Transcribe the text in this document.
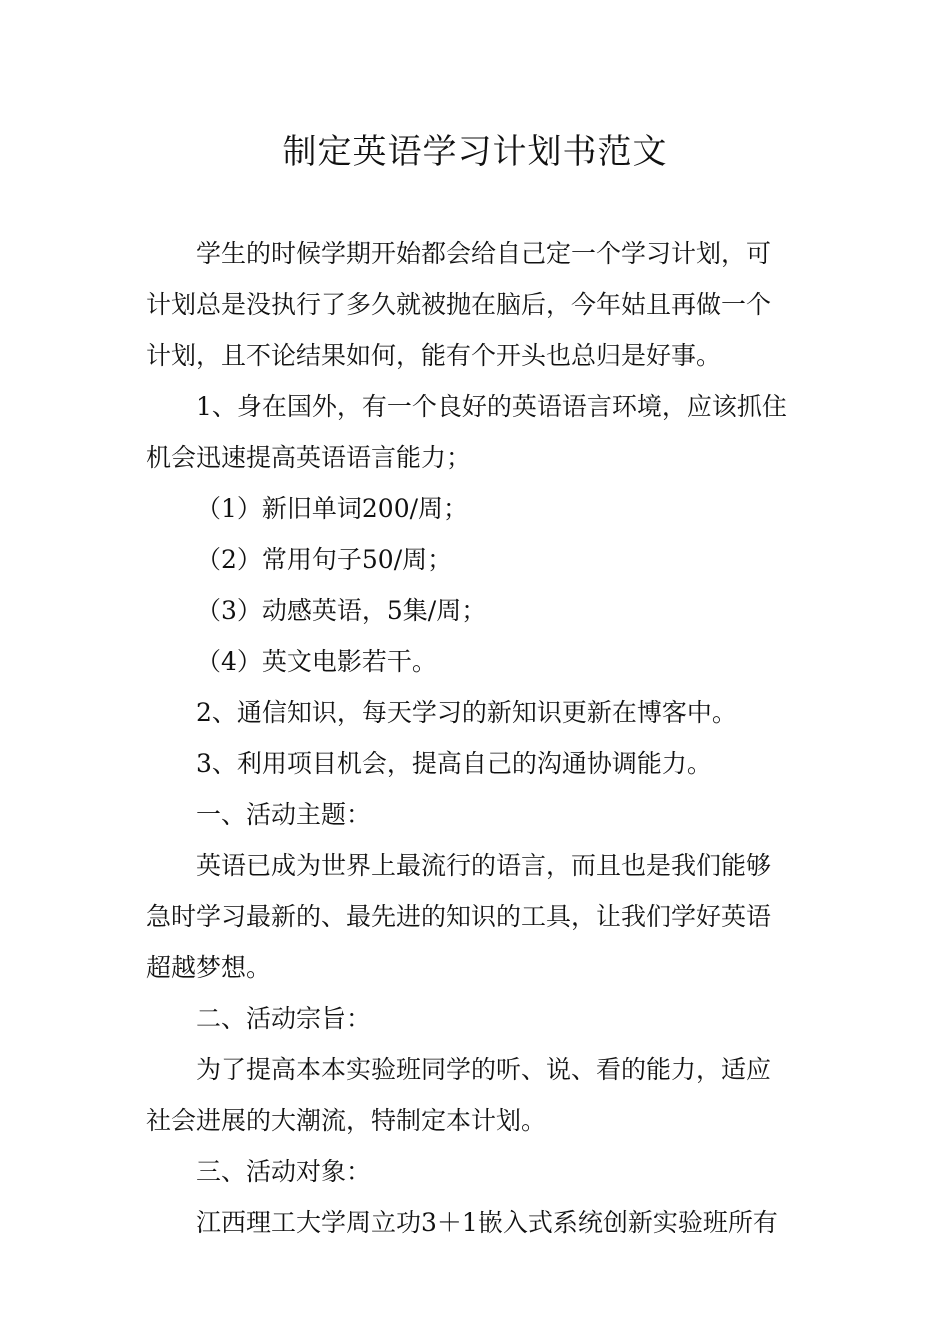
制定英语学习计划书范文

学生的时候学期开始都会给自己定一个学习计划，可

计划总是没执行了多久就被抛在脑后，今年姑且再做一个

计划，且不论结果如何，能有个开头也总归是好事。

1、身在国外，有一个良好的英语语言环境，应该抓住

机会迅速提高英语语言能力；

（1）新旧单词200/周；

（2）常用句子50/周；

（3）动感英语，5集/周；

（4）英文电影若干。

2、通信知识，每天学习的新知识更新在博客中。

3、利用项目机会，提高自己的沟通协调能力。

一、活动主题：

英语已成为世界上最流行的语言，而且也是我们能够

急时学习最新的、最先进的知识的工具，让我们学好英语

超越梦想。

二、活动宗旨：

为了提高本本实验班同学的听、说、看的能力，适应

社会进展的大潮流，特制定本计划。

三、活动对象：

江西理工大学周立功3＋1嵌入式系统创新实验班所有
